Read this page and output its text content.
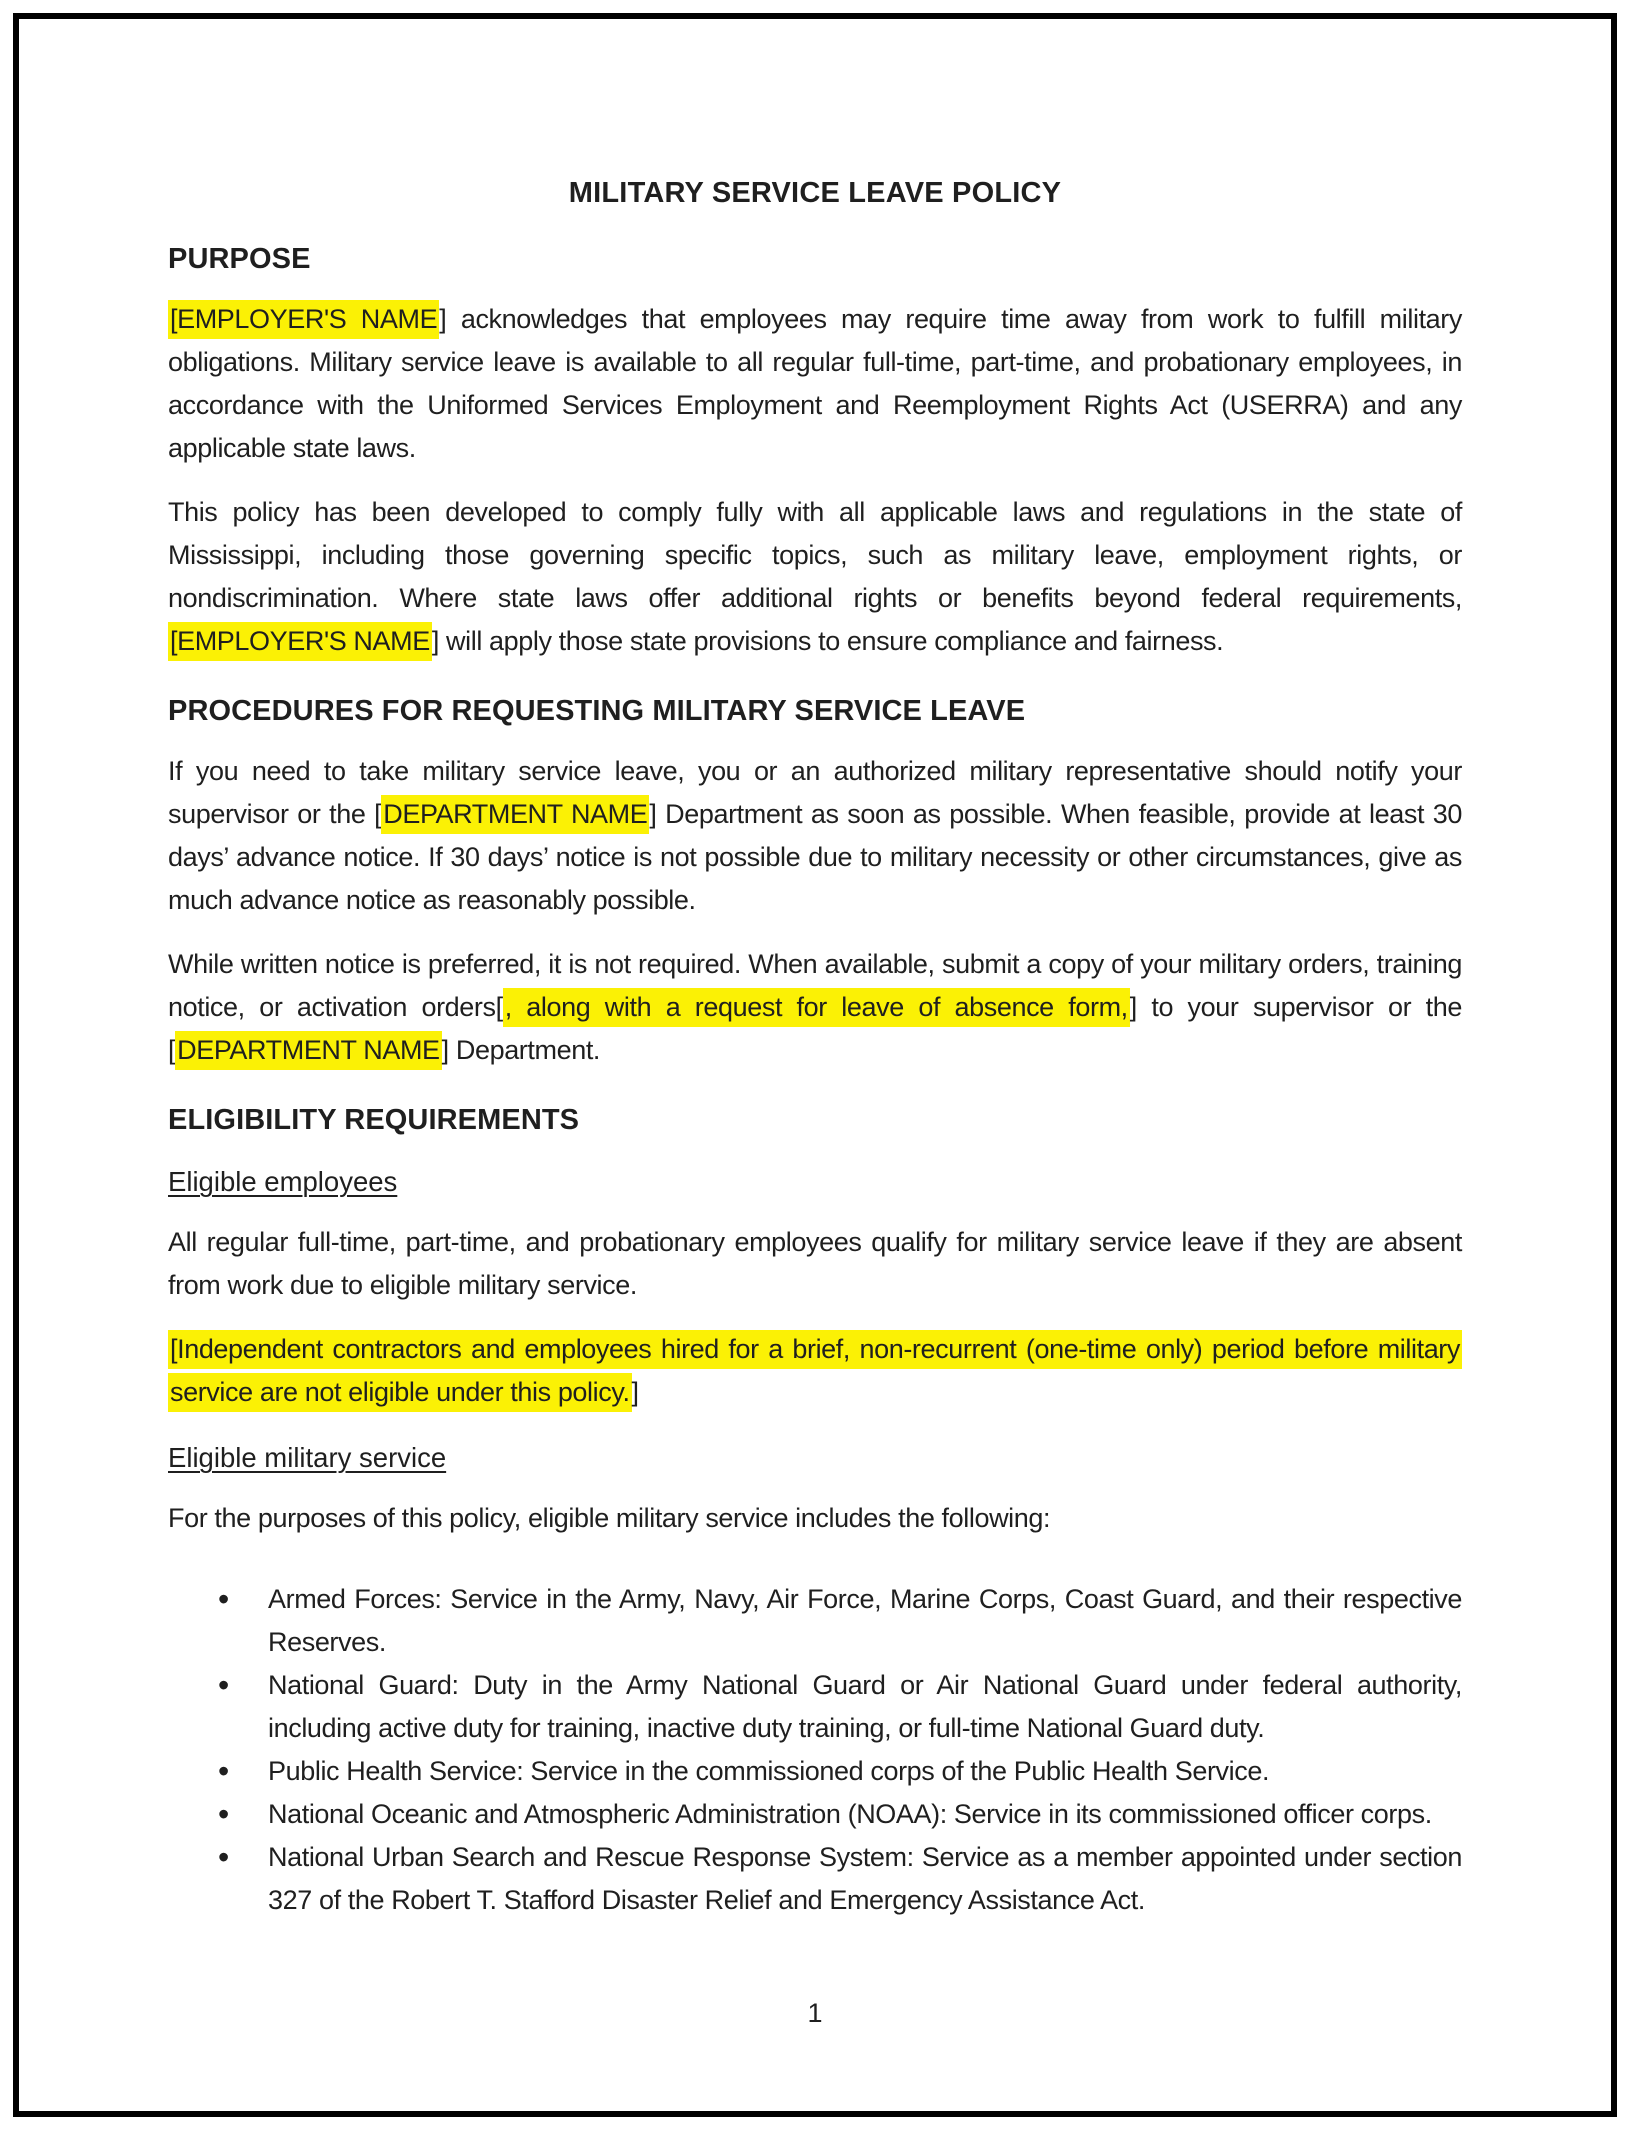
MILITARY SERVICE LEAVE POLICY
PURPOSE

[EMPLOYER'S NAME] acknowledges that employees may require time away from work to fulfill military obligations. Military service leave is available to all regular full-time, part-time, and probationary employees, in accordance with the Uniformed Services Employment and Reemployment Rights Act (USERRA) and any applicable state laws.

This policy has been developed to comply fully with all applicable laws and regulations in the state of Mississippi, including those governing specific topics, such as military leave, employment rights, or nondiscrimination. Where state laws offer additional rights or benefits beyond federal requirements, [EMPLOYER'S NAME] will apply those state provisions to ensure compliance and fairness.

PROCEDURES FOR REQUESTING MILITARY SERVICE LEAVE

If you need to take military service leave, you or an authorized military representative should notify your supervisor or the [DEPARTMENT NAME] Department as soon as possible. When feasible, provide at least 30 days’ advance notice. If 30 days’ notice is not possible due to military necessity or other circumstances, give as much advance notice as reasonably possible.

While written notice is preferred, it is not required. When available, submit a copy of your military orders, training notice, or activation orders[, along with a request for leave of absence form,] to your supervisor or the [DEPARTMENT NAME] Department.

ELIGIBILITY REQUIREMENTS
Eligible employees

All regular full-time, part-time, and probationary employees qualify for military service leave if they are absent from work due to eligible military service.

[Independent contractors and employees hired for a brief, non-recurrent (one-time only) period before military service are not eligible under this policy.]

Eligible military service

For the purposes of this policy, eligible military service includes the following:

• Armed Forces: Service in the Army, Navy, Air Force, Marine Corps, Coast Guard, and their respective Reserves.
• National Guard: Duty in the Army National Guard or Air National Guard under federal authority, including active duty for training, inactive duty training, or full-time National Guard duty.
• Public Health Service: Service in the commissioned corps of the Public Health Service.
• National Oceanic and Atmospheric Administration (NOAA): Service in its commissioned officer corps.
• National Urban Search and Rescue Response System: Service as a member appointed under section 327 of the Robert T. Stafford Disaster Relief and Emergency Assistance Act.
1
